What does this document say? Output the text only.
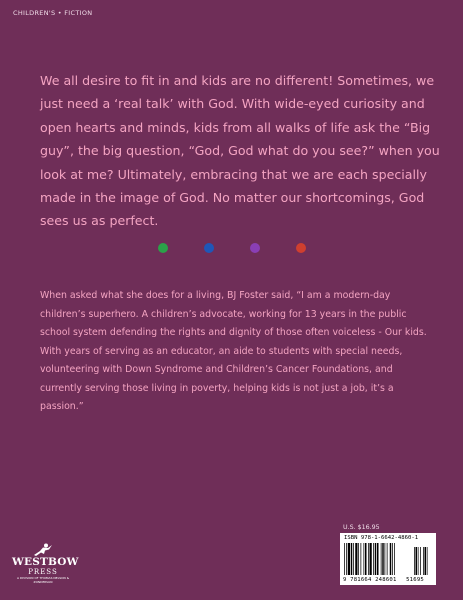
CHILDREN'S • FICTION

We all desire to fit in and kids are no different! Sometimes, we just need a ‘real talk’ with God. With wide-eyed curiosity and open hearts and minds, kids from all walks of life ask the “Big guy”, the big question, “God, God what do you see?” when you look at me? Ultimately, embracing that we are each specially made in the image of God. No matter our shortcomings, God sees us as perfect.

When asked what she does for a living, BJ Foster said, “I am a modern-day children’s superhero. A children’s advocate, working for 13 years in the public school system defending the rights and dignity of those often voiceless - Our kids. With years of serving as an educator, an aide to students with special needs, volunteering with Down Syndrome and Children’s Cancer Foundations, and currently serving those living in poverty, helping kids is not just a job, it’s a passion.”

WESTBOW
PRESS
A DIVISION OF THOMAS NELSON & ZONDERVAN
U.S. $16.95
ISBN 978-1-6642-4860-1
9 781664 248601 51695
